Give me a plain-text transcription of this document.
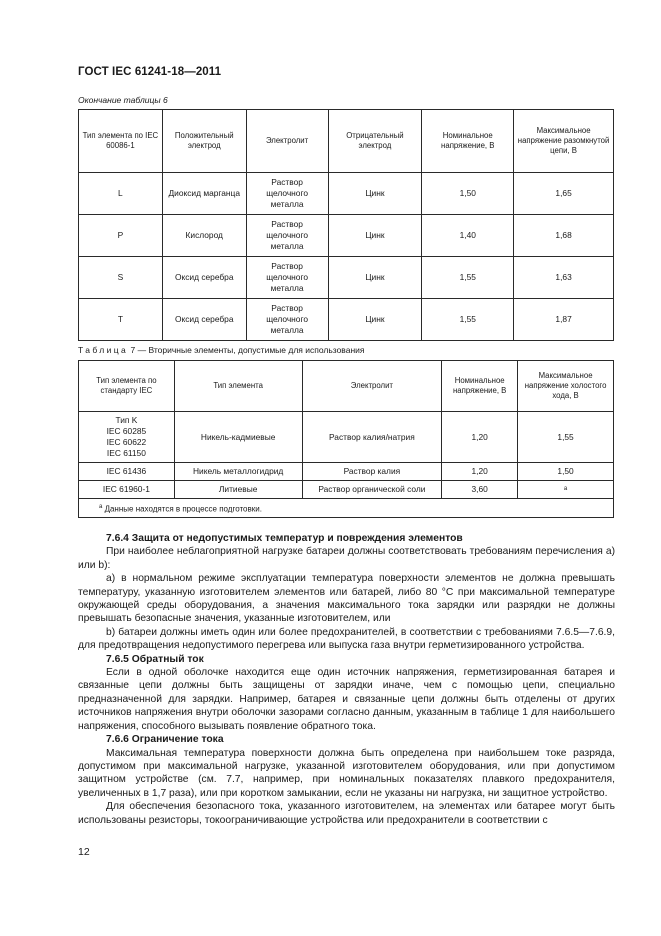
ГОСТ IEC 61241-18—2011
Окончание таблицы 6
Тип элемента по IEC 60086-1	Положительный электрод	Электролит	Отрицательный электрод	Номинальное напряжение, В	Максимальное напряжение разомкнутой цепи, В
L	Диоксид марганца	Раствор щелочного металла	Цинк	1,50	1,65
P	Кислород	Раствор щелочного металла	Цинк	1,40	1,68
S	Оксид серебра	Раствор щелочного металла	Цинк	1,55	1,63
T	Оксид серебра	Раствор щелочного металла	Цинк	1,55	1,87
Таблица 7 — Вторичные элементы, допустимые для использования
Тип элемента по стандарту IEC	Тип элемента	Электролит	Номинальное напряжение, В	Максимальное напряжение холостого хода, В
Тип K
IEC 60285
IEC 60622
IEC 61150	Никель-кадмиевые	Раствор калия/натрия	1,20	1,55
IEC 61436	Никель металлогидрид	Раствор калия	1,20	1,50
IEC 61960-1	Литиевые	Раствор органической соли	3,60	a
$^a$ Данные находятся в процессе подготовки.				

7.6.4 Защита от недопустимых температур и повреждения элементов

При наиболее неблагоприятной нагрузке батареи должны соответствовать требованиям перечисления а) или b):

а) в нормальном режиме эксплуатации температура поверхности элементов не должна превышать температуру, указанную изготовителем элементов или батарей, либо 80 °С при максимальной температуре окружающей среды оборудования, а значения максимального тока зарядки или разрядки не должны превышать безопасные значения, указанные изготовителем, или

b) батареи должны иметь один или более предохранителей, в соответствии с требованиями 7.6.5—7.6.9, для предотвращения недопустимого перегрева или выпуска газа внутри герметизированного устройства.

7.6.5 Обратный ток

Если в одной оболочке находится еще один источник напряжения, герметизированная батарея и связанные цепи должны быть защищены от зарядки иначе, чем с помощью цепи, специально предназначенной для зарядки. Например, батарея и связанные цепи должны быть отделены от других источников напряжения внутри оболочки зазорами согласно данным, указанным в таблице 1 для наибольшего напряжения, способного вызывать появление обратного тока.

7.6.6 Ограничение тока

Максимальная температура поверхности должна быть определена при наибольшем токе разряда, допустимом при максимальной нагрузке, указанной изготовителем оборудования, или при допустимом защитном устройстве (см. 7.7, например, при номинальных показателях плавкого предохранителя, увеличенных в 1,7 раза), или при коротком замыкании, если не указаны ни нагрузка, ни защитное устройство.

Для обеспечения безопасного тока, указанного изготовителем, на элементах или батарее могут быть использованы резисторы, токоограничивающие устройства или предохранители в соответствии с

12
